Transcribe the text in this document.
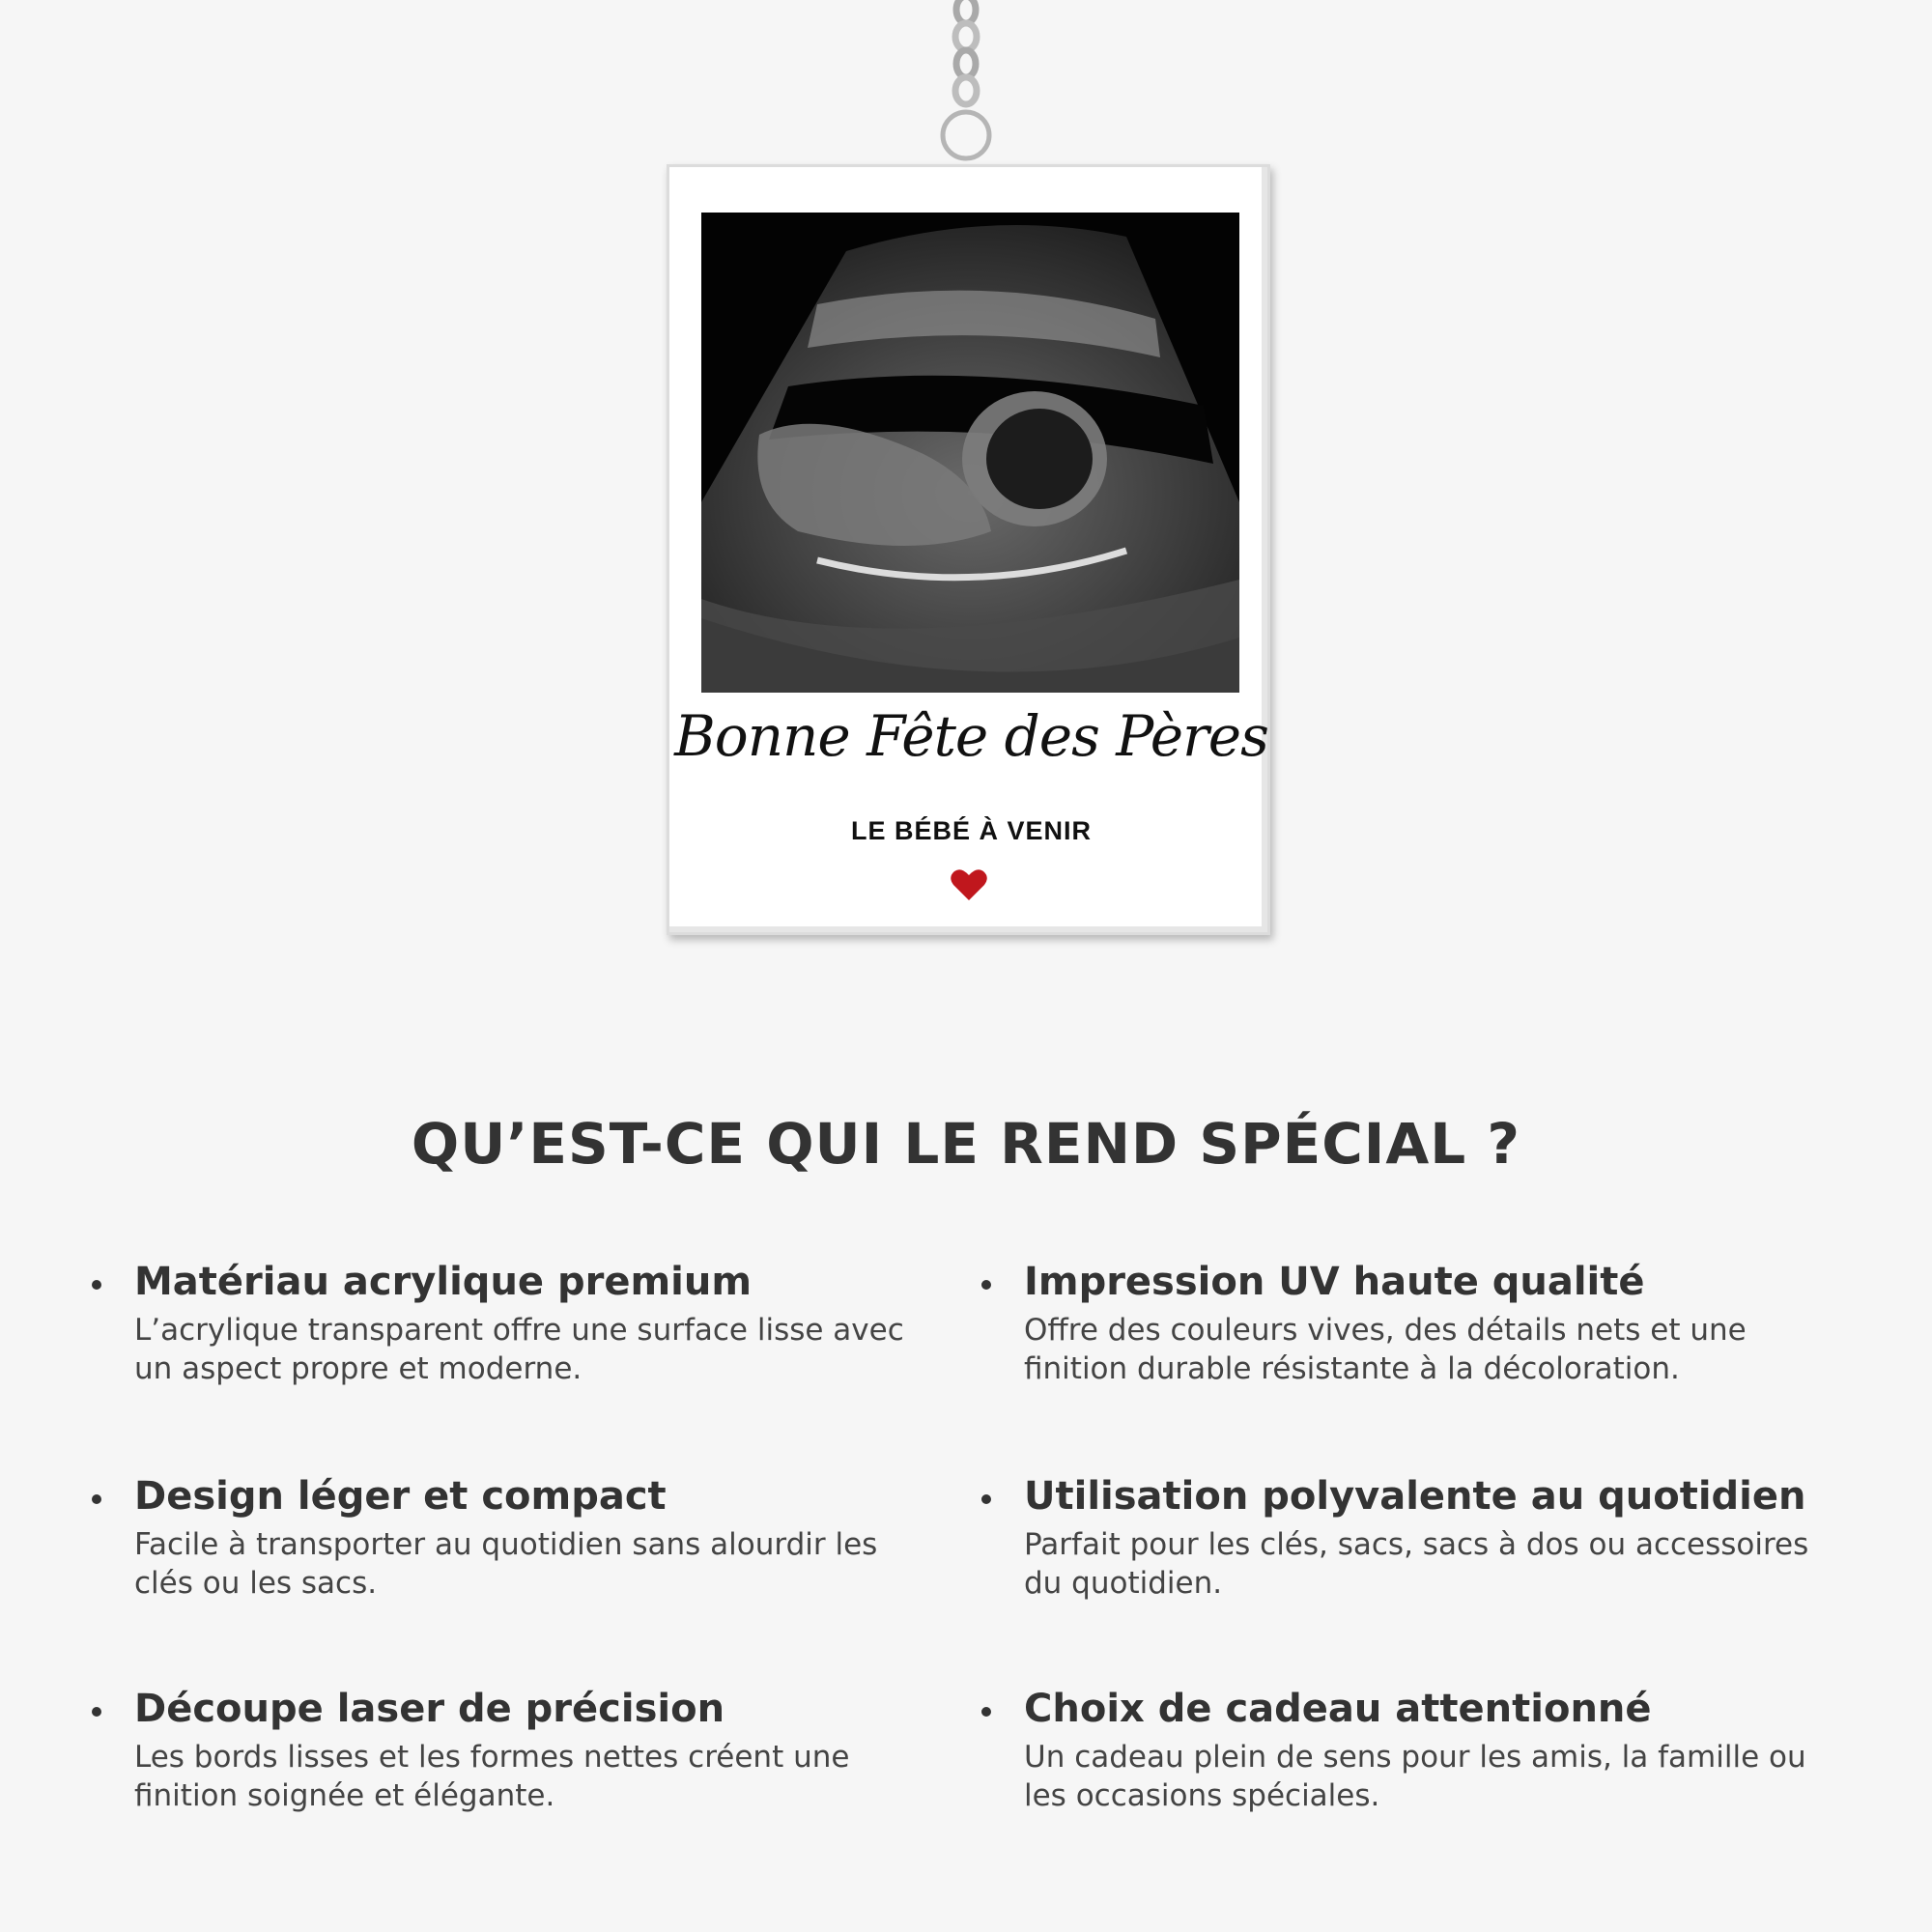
Bonne Fête des Pères
LE BÉBÉ À VENIR
QU’EST-CE QUI LE REND SPÉCIAL ?
Matériau acrylique premium
L’acrylique transparent offre une surface lisse avec un aspect propre et moderne.
Impression UV haute qualité
Offre des couleurs vives, des détails nets et une finition durable résistante à la décoloration.
Design léger et compact
Facile à transporter au quotidien sans alourdir les clés ou les sacs.
Utilisation polyvalente au quotidien
Parfait pour les clés, sacs, sacs à dos ou accessoires du quotidien.
Découpe laser de précision
Les bords lisses et les formes nettes créent une finition soignée et élégante.
Choix de cadeau attentionné
Un cadeau plein de sens pour les amis, la famille ou les occasions spéciales.
